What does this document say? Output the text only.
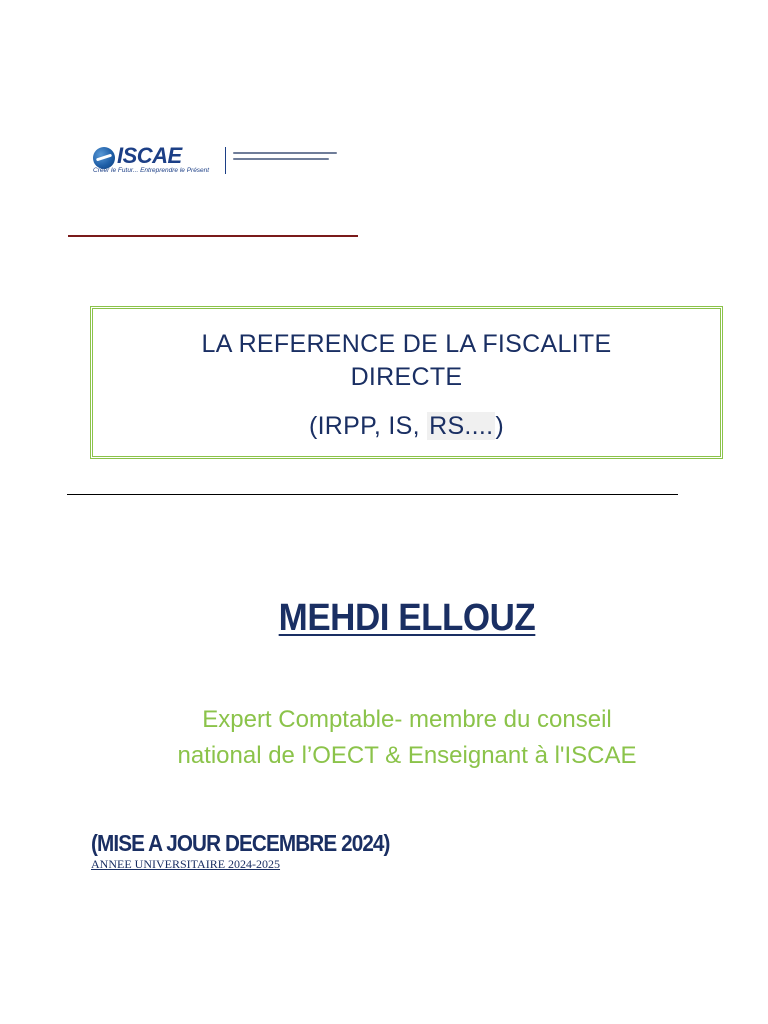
ISCAE
Créer le Futur... Entreprendre le Présent
LA REFERENCE DE LA FISCALITE
DIRECTE
(IRPP, IS, RS....)
MEHDI ELLOUZ
Expert Comptable- membre du conseil
national de l’OECT & Enseignant à l'ISCAE
(MISE A JOUR DECEMBRE 2024)
ANNEE UNIVERSITAIRE 2024-2025
